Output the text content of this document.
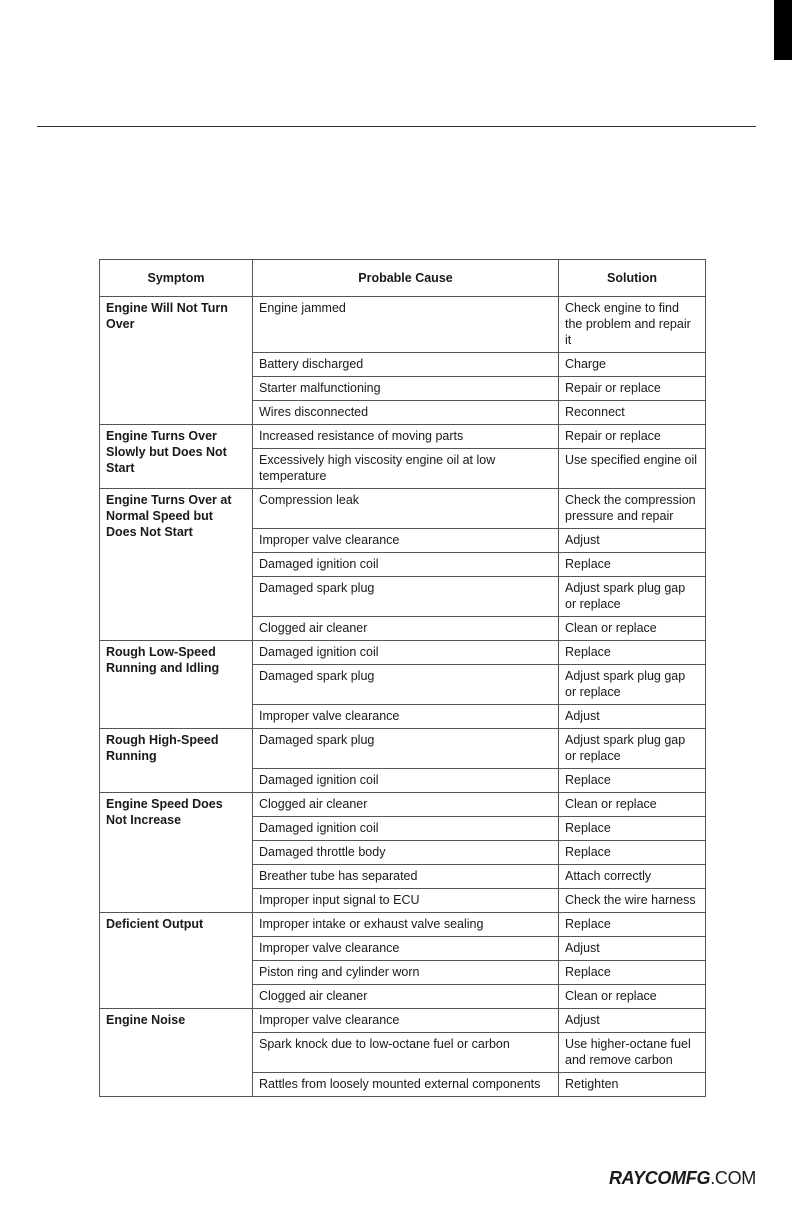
Symptom	Probable Cause	Solution
Engine Will Not Turn Over	Engine jammed	Check engine to find the problem and repair it
	Battery discharged	Charge
	Starter malfunctioning	Repair or replace
	Wires disconnected	Reconnect
Engine Turns Over Slowly but Does Not Start	Increased resistance of moving parts	Repair or replace
	Excessively high viscosity engine oil at low temperature	Use specified engine oil
Engine Turns Over at Normal Speed but Does Not Start	Compression leak	Check the compression pressure and repair
	Improper valve clearance	Adjust
	Damaged ignition coil	Replace
	Damaged spark plug	Adjust spark plug gap or replace
	Clogged air cleaner	Clean or replace
Rough Low-Speed Running and Idling	Damaged ignition coil	Replace
	Damaged spark plug	Adjust spark plug gap or replace
	Improper valve clearance	Adjust
Rough High-Speed Running	Damaged spark plug	Adjust spark plug gap or replace
	Damaged ignition coil	Replace
Engine Speed Does Not Increase	Clogged air cleaner	Clean or replace
	Damaged ignition coil	Replace
	Damaged throttle body	Replace
	Breather tube has separated	Attach correctly
	Improper input signal to ECU	Check the wire harness
Deficient Output	Improper intake or exhaust valve sealing	Replace
	Improper valve clearance	Adjust
	Piston ring and cylinder worn	Replace
	Clogged air cleaner	Clean or replace
Engine Noise	Improper valve clearance	Adjust
	Spark knock due to low-octane fuel or carbon	Use higher-octane fuel and remove carbon
	Rattles from loosely mounted external components	Retighten
RAYCOMFG.COM
